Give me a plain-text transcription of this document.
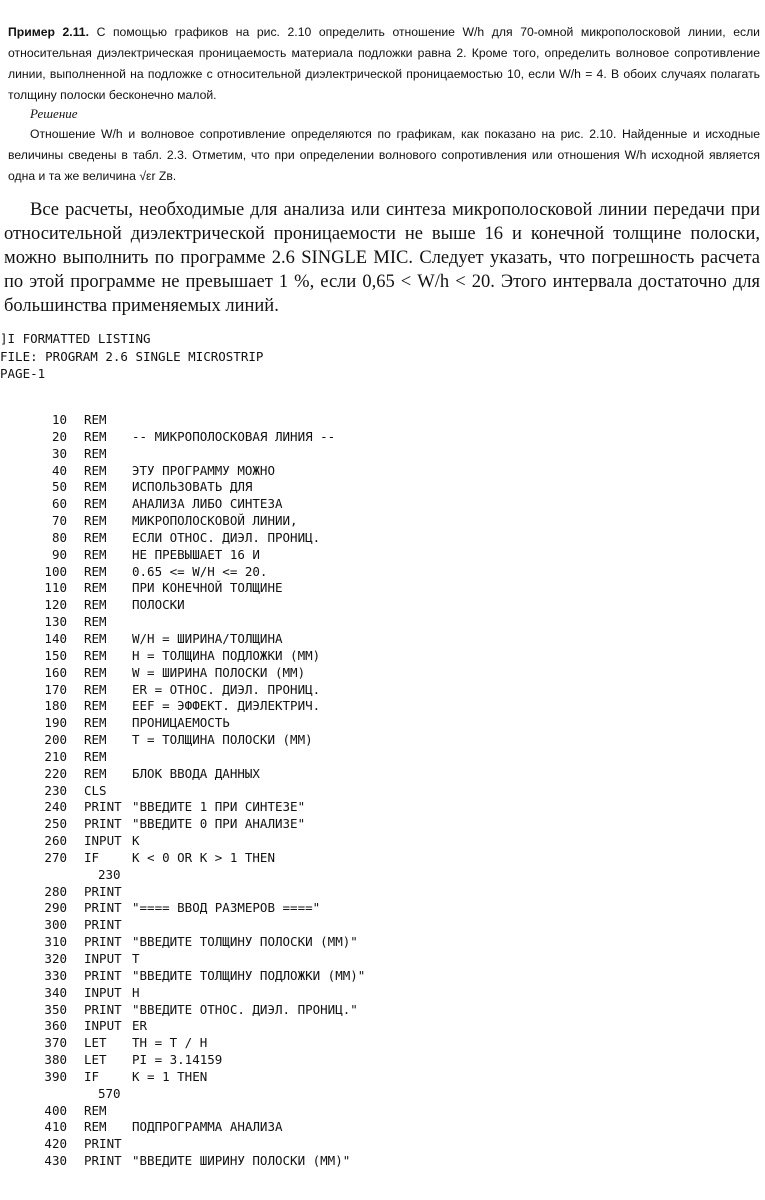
Пример 2.11. С помощью графиков на рис. 2.10 определить отношение W/h для 70-омной микрополосковой линии, если относительная диэлектрическая проницаемость материала подложки равна 2. Кроме того, определить волновое сопротивление линии, выполненной на подложке с относительной диэлектрической проницаемостью 10, если W/h = 4. В обоих случаях полагать толщину полоски бесконечно малой.

Решение

Отношение W/h и волновое сопротивление определяются по графикам, как показано на рис. 2.10. Найденные и исходные величины сведены в табл. 2.3. Отметим, что при определении волнового сопротивления или отношения W/h исходной является одна и та же величина √εr Zв.

Все расчеты, необходимые для анализа или синтеза микрополосковой линии передачи при относительной диэлектрической проницаемости не выше 16 и конечной толщине полоски, можно выполнить по программе 2.6 SINGLE MIC. Следует указать, что погрешность расчета по этой программе не превышает 1 %, если 0,65 < W/h < 20. Этого интервала достаточно для большинства применяемых линий.

]I FORMATTED LISTING
FILE: PROGRAM 2.6 SINGLE MICROSTRIP
PAGE-1
10 REM
20 REM -- МИКРОПОЛОСКОВАЯ ЛИНИЯ --
30 REM
40 REM ЭТУ ПРОГРАММУ МОЖНО
50 REM ИСПОЛЬЗОВАТЬ ДЛЯ
60 REM АНАЛИЗА ЛИБО СИНТЕЗА
70 REM МИКРОПОЛОСКОВОЙ ЛИНИИ,
80 REM ЕСЛИ ОТНОС. ДИЭЛ. ПРОНИЦ.
90 REM НЕ ПРЕВЫШАЕТ 16 И
100 REM 0.65 <= W/H <= 20.
110 REM ПРИ КОНЕЧНОЙ ТОЛЩИНЕ
120 REM ПОЛОСКИ
130 REM
140 REM W/H = ШИРИНА/ТОЛЩИНА
150 REM H = ТОЛЩИНА ПОДЛОЖКИ (ММ)
160 REM W = ШИРИНА ПОЛОСКИ (ММ)
170 REM ER = ОТНОС. ДИЭЛ. ПРОНИЦ.
180 REM EEF = ЭФФЕКТ. ДИЭЛЕКТРИЧ.
190 REM ПРОНИЦАЕМОСТЬ
200 REM T = ТОЛЩИНА ПОЛОСКИ (ММ)
210 REM
220 REM БЛОК ВВОДА ДАННЫХ
230 CLS
240 PRINT "ВВЕДИТЕ 1 ПРИ СИНТЕЗЕ"
250 PRINT "ВВЕДИТЕ 0 ПРИ АНАЛИЗЕ"
260 INPUT K
270 IF	K < 0 OR K > 1 THEN
230
280 PRINT
290 PRINT "==== ВВОД РАЗМЕРОВ ===="
300 PRINT
310 PRINT "ВВЕДИТЕ ТОЛЩИНУ ПОЛОСКИ (ММ)"
320 INPUT T
330 PRINT "ВВЕДИТЕ ТОЛЩИНУ ПОДЛОЖКИ (ММ)"
340 INPUT H
350 PRINT "ВВЕДИТЕ ОТНОС. ДИЭЛ. ПРОНИЦ."
360 INPUT ER
370 LET TH = T / H
380 LET PI = 3.14159
390 IF	K = 1 THEN
570
400 REM
410 REM ПОДПРОГРАММА АНАЛИЗА
420 PRINT
430 PRINT "ВВЕДИТЕ ШИРИНУ ПОЛОСКИ (ММ)"
